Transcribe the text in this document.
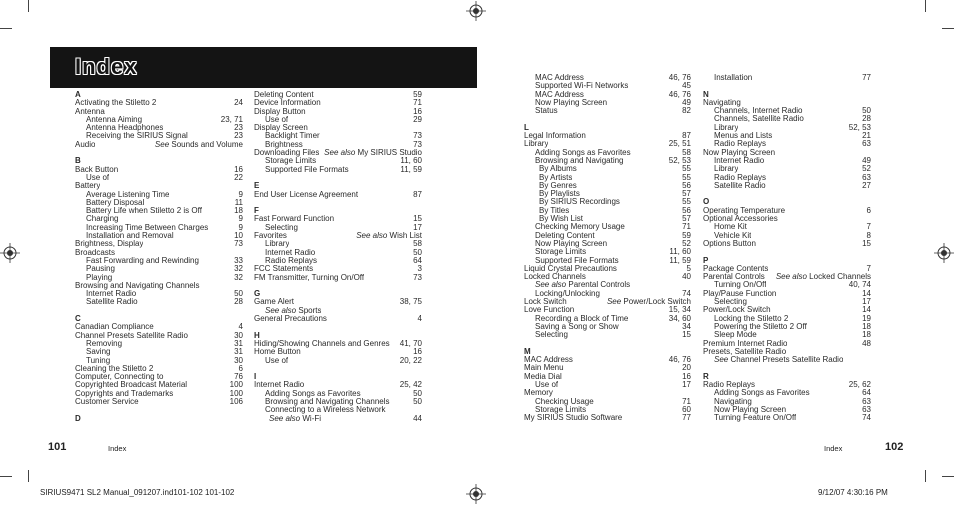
Index
A
Activating the Stiletto 2	24
Antenna
Antenna Aiming	23, 71
Antenna Headphones	23
Receiving the SIRIUS Signal	23
Audio	See Sounds and Volume
B
Back Button	16
Use of	22
Battery
Average Listening Time	9
Battery Disposal	11
Battery Life when Stiletto 2 is Off	18
Charging	9
Increasing Time Between Charges	9
Installation and Removal	10
Brightness, Display	73
Broadcasts
Fast Forwarding and Rewinding	33
Pausing	32
Playing	32
Browsing and Navigating Channels
Internet Radio	50
Satellite Radio	28
C
Canadian Compliance	4
Channel Presets Satellite Radio	30
Removing	31
Saving	31
Tuning	30
Cleaning the Stiletto 2	6
Computer, Connecting to	76
Copyrighted Broadcast Material	100
Copyrights and Trademarks	100
Customer Service	106
D
Deleting Content	59
Device Information	71
Display Button	16
Use of	29
Display Screen
Backlight Timer	73
Brightness	73
Downloading Files See also My SIRIUS Studio
Storage Limits	11, 60
Supported File Formats	11, 59
E
End User License Agreement	87
F
Fast Forward Function	15
Selecting	17
Favorites	See also Wish List
Library	58
Internet Radio	50
Radio Replays	64
FCC Statements	3
FM Transmitter, Turning On/Off	73
G
Game Alert	38, 75
See also Sports
General Precautions	4
H
Hiding/Showing Channels and Genres	41, 70
Home Button	16
Use of	20, 22
I
Internet Radio	25, 42
Adding Songs as Favorites	50
Browsing and Navigating Channels	50
Connecting to a Wireless Network
See also Wi-Fi	44
MAC Address	46, 76
Supported Wi-Fi Networks	45
MAC Address	46, 76
Now Playing Screen	49
Status	82
L
Legal Information	87
Library	25, 51
Adding Songs as Favorites	58
Browsing and Navigating	52, 53
By Albums	55
By Artists	55
By Genres	56
By Playlists	57
By SIRIUS Recordings	55
By Titles	56
By Wish List	57
Checking Memory Usage	71
Deleting Content	59
Now Playing Screen	52
Storage Limits	11, 60
Supported File Formats	11, 59
Liquid Crystal Precautions	5
Locked Channels	40
See also Parental Controls
Locking/Unlocking	74
Lock Switch	See Power/Lock Switch
Love Function	15, 34
Recording a Block of Time	34, 60
Saving a Song or Show	34
Selecting	15
M
MAC Address	46, 76
Main Menu	20
Media Dial	16
Use of	17
Memory
Checking Usage	71
Storage Limits	60
My SIRIUS Studio Software	77
Installation	77
N
Navigating
Channels, Internet Radio	50
Channels, Satellite Radio	28
Library	52, 53
Menus and Lists	21
Radio Replays	63
Now Playing Screen
Internet Radio	49
Library	52
Radio Replays	63
Satellite Radio	27
O
Operating Temperature	6
Optional Accessories
Home Kit	7
Vehicle Kit	8
Options Button	15
P
Package Contents	7
Parental Controls See also Locked Channels
Turning On/Off	40, 74
Play/Pause Function	14
Selecting	17
Power/Lock Switch	14
Locking the Stiletto 2	19
Powering the Stiletto 2 Off	18
Sleep Mode	18
Premium Internet Radio	48
Presets, Satellite Radio
See Channel Presets Satellite Radio
R
Radio Replays	25, 62
Adding Songs as Favorites	64
Navigating	63
Now Playing Screen	63
Turning Feature On/Off	74
101	Index	Index	102
SIRIUS9471 SL2 Manual_091207.ind101-102 101-102	9/12/07 4:30:16 PM
